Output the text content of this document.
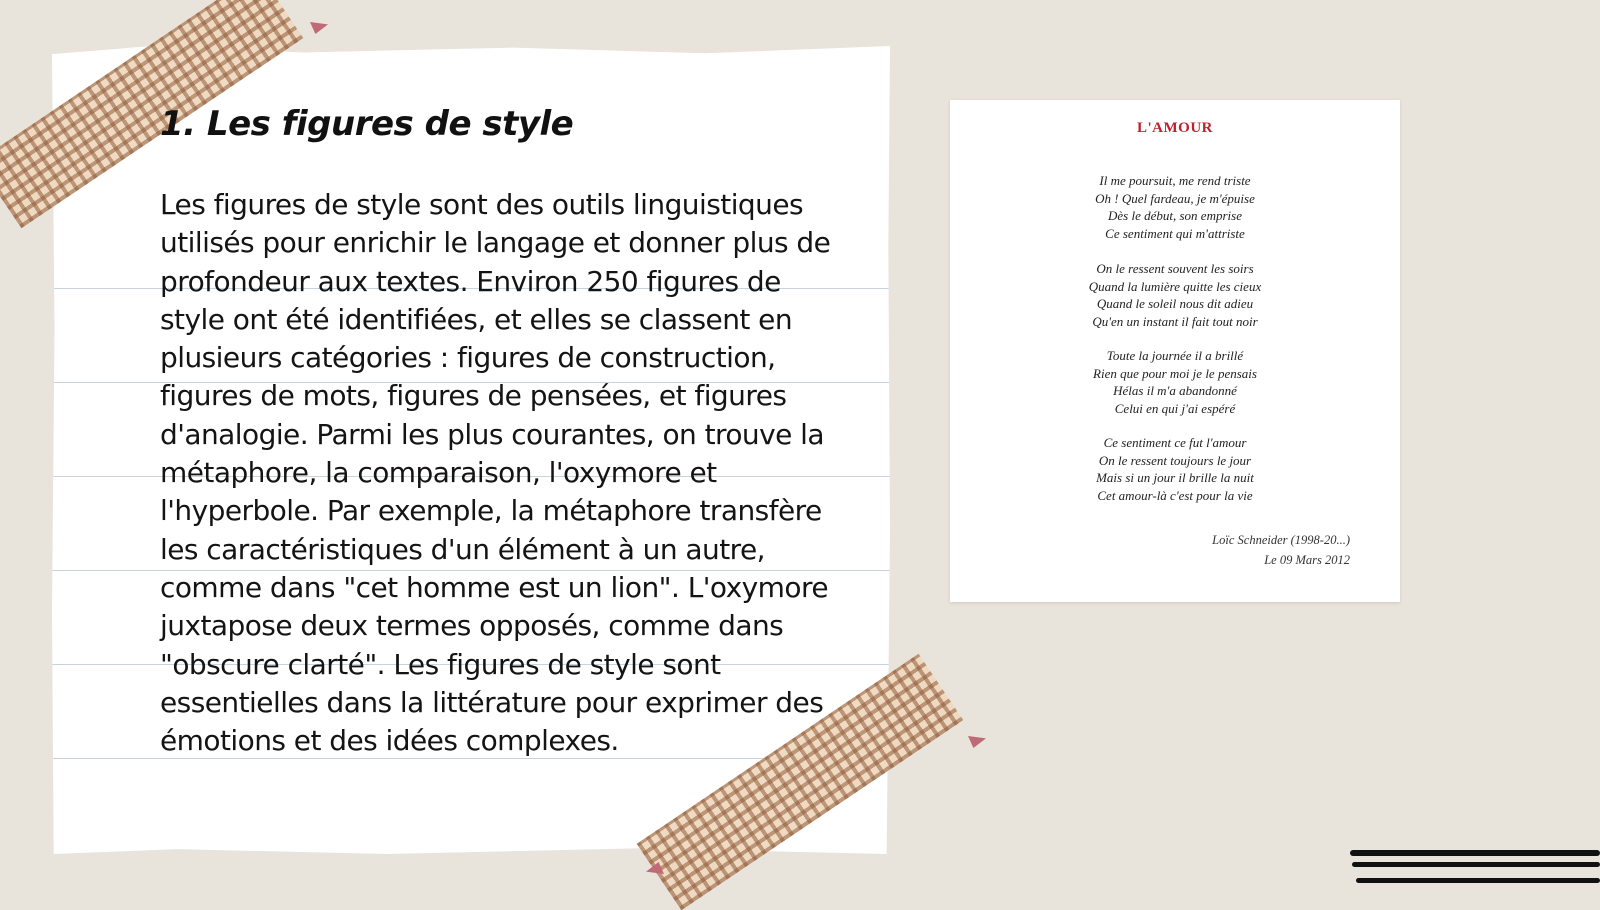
1. Les figures de style

Les figures de style sont des outils linguistiques utilisés pour enrichir le langage et donner plus de profondeur aux textes. Environ 250 figures de style ont été identifiées, et elles se classent en plusieurs catégories : figures de construction, figures de mots, figures de pensées, et figures d'analogie. Parmi les plus courantes, on trouve la métaphore, la comparaison, l'oxymore et l'hyperbole. Par exemple, la métaphore transfère les caractéristiques d'un élément à un autre, comme dans "cet homme est un lion". L'oxymore juxtapose deux termes opposés, comme dans "obscure clarté". Les figures de style sont essentielles dans la littérature pour exprimer des émotions et des idées complexes.

L'AMOUR
Il me poursuit, me rend triste
Oh ! Quel fardeau, je m'épuise
Dès le début, son emprise
Ce sentiment qui m'attriste
On le ressent souvent les soirs
Quand la lumière quitte les cieux
Quand le soleil nous dit adieu
Qu'en un instant il fait tout noir
Toute la journée il a brillé
Rien que pour moi je le pensais
Hélas il m'a abandonné
Celui en qui j'ai espéré
Ce sentiment ce fut l'amour
On le ressent toujours le jour
Mais si un jour il brille la nuit
Cet amour-là c'est pour la vie
Loïc Schneider (1998-20...)
Le 09 Mars 2012
